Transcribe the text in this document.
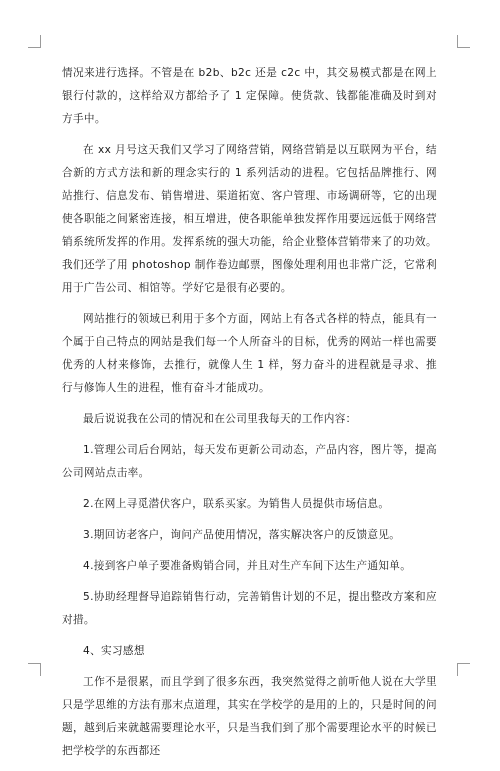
情况来进行选择。不管是在 b2b、b2c 还是 c2c 中，其交易模式都是在网上银行付款的，这样给双方都给予了 1 定保障。使货款、钱都能准确及时到对方手中。

在 xx 月号这天我们又学习了网络营销，网络营销是以互联网为平台，结合新的方式方法和新的理念实行的 1 系列活动的进程。它包括品牌推行、网站推行、信息发布、销售增进、渠道拓宽、客户管理、市场调研等，它的出现使各职能之间紧密连接，相互增进，使各职能单独发挥作用要远远低于网络营销系统所发挥的作用。发挥系统的强大功能，给企业整体营销带来了的功效。我们还学了用 photoshop 制作卷边邮票，图像处理利用也非常广泛，它常利用于广告公司、相馆等。学好它是很有必要的。

网站推行的领域已利用于多个方面，网站上有各式各样的特点，能具有一个属于自己特点的网站是我们每一个人所奋斗的目标，优秀的网站一样也需要优秀的人材来修饰，去推行，就像人生 1 样，努力奋斗的进程就是寻求、推行与修饰人生的进程，惟有奋斗才能成功。

最后说说我在公司的情况和在公司里我每天的工作内容：

1.管理公司后台网站，每天发布更新公司动态，产品内容，图片等，提高公司网站点击率。

2.在网上寻觅潜伏客户，联系买家。为销售人员提供市场信息。

3.期回访老客户，询问产品使用情况，落实解决客户的反馈意见。

4.接到客户单子要准备购销合同，并且对生产车间下达生产通知单。

5.协助经理督导追踪销售行动，完善销售计划的不足，提出整改方案和应对措。

4、实习感想

工作不是很累，而且学到了很多东西，我突然觉得之前听他人说在大学里只是学思维的方法有那末点道理，其实在学校学的是用的上的，只是时间的问题，越到后来就越需要理论水平，只是当我们到了那个需要理论水平的时候已把学校学的东西都还
